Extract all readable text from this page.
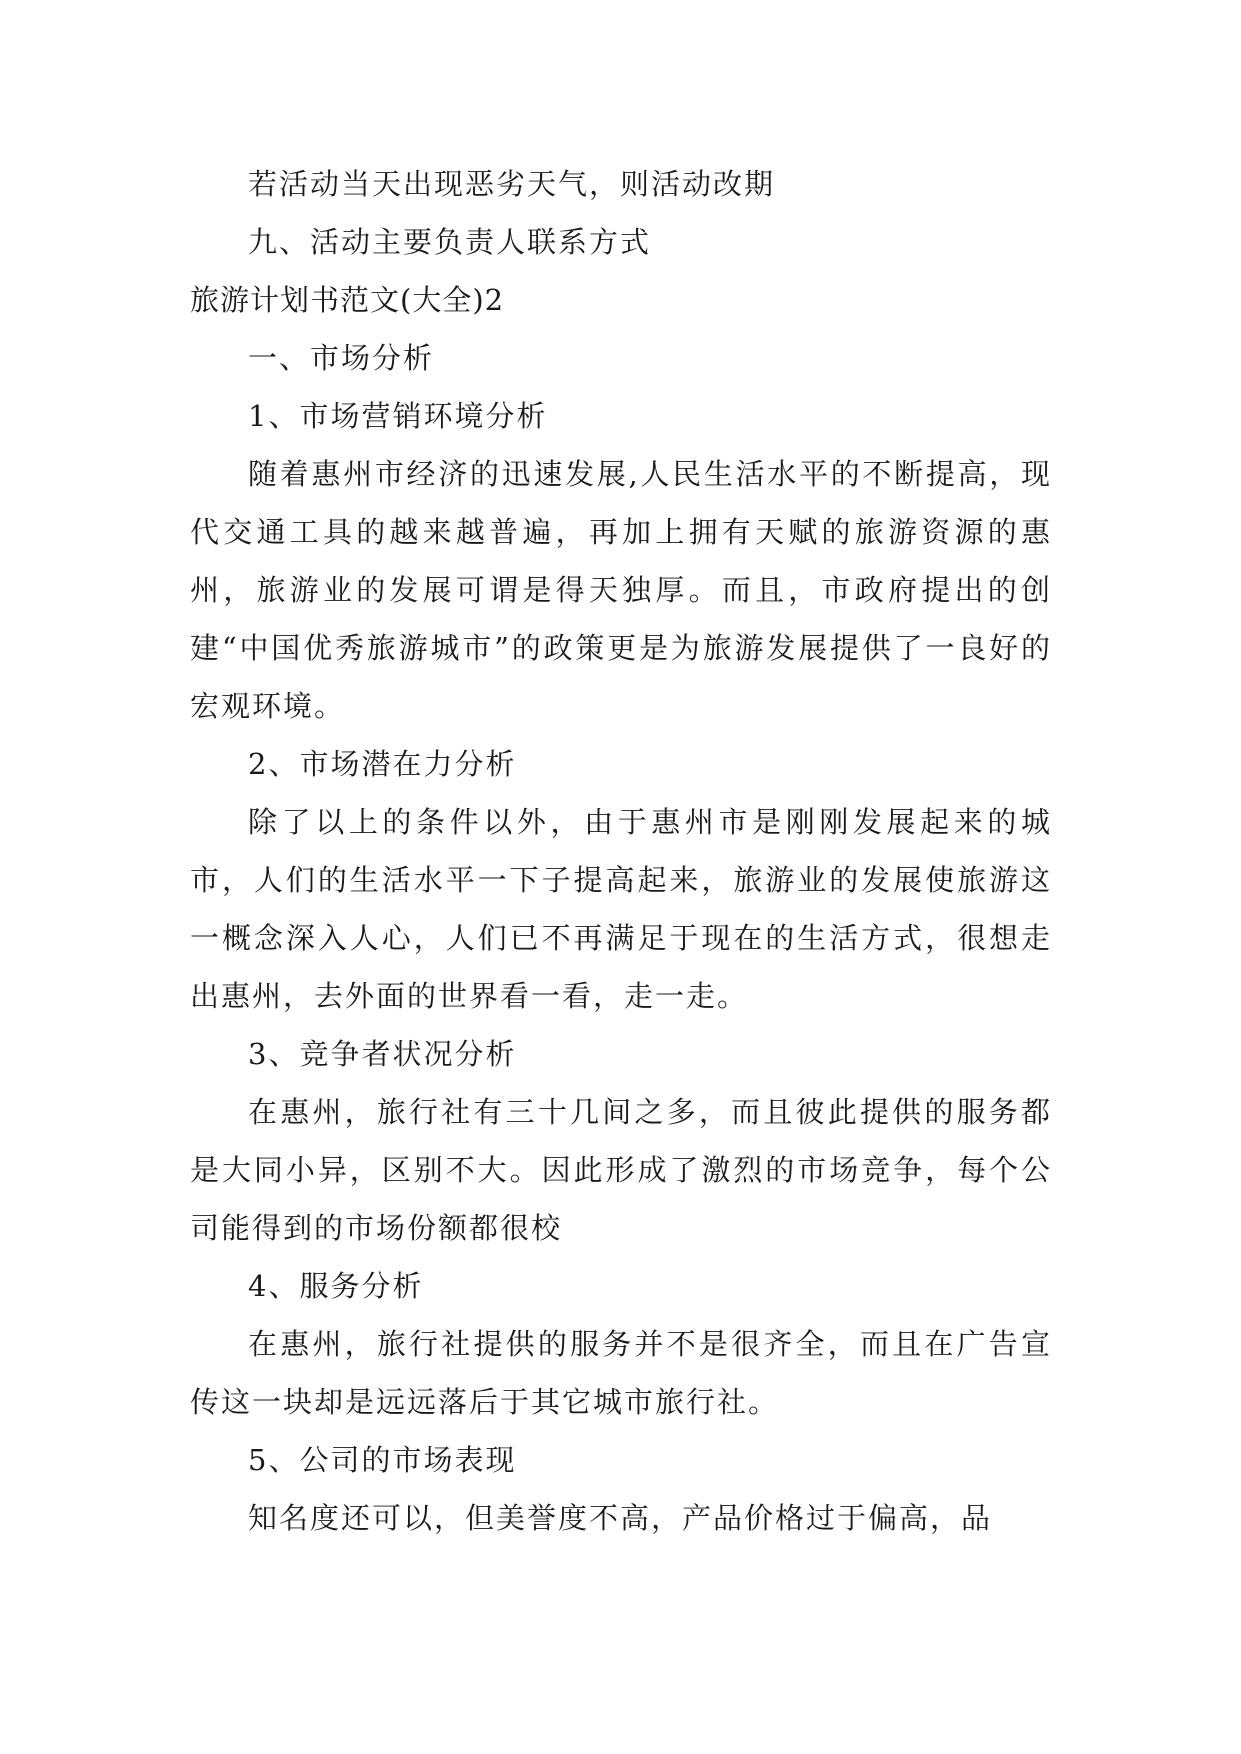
若活动当天出现恶劣天气，则活动改期
九、活动主要负责人联系方式
旅游计划书范文(大全)2
一、市场分析
1、市场营销环境分析

随着惠州市经济的迅速发展,人民生活水平的不断提高，现代交通工具的越来越普遍，再加上拥有天赋的旅游资源的惠州，旅游业的发展可谓是得天独厚。而且，市政府提出的创建“中国优秀旅游城市”的政策更是为旅游发展提供了一良好的宏观环境。

2、市场潜在力分析

除了以上的条件以外，由于惠州市是刚刚发展起来的城市，人们的生活水平一下子提高起来，旅游业的发展使旅游这一概念深入人心，人们已不再满足于现在的生活方式，很想走出惠州，去外面的世界看一看，走一走。

3、竞争者状况分析

在惠州，旅行社有三十几间之多，而且彼此提供的服务都是大同小异，区别不大。因此形成了激烈的市场竞争，每个公司能得到的市场份额都很校

4、服务分析

在惠州，旅行社提供的服务并不是很齐全，而且在广告宣传这一块却是远远落后于其它城市旅行社。

5、公司的市场表现

知名度还可以，但美誉度不高，产品价格过于偏高，品
